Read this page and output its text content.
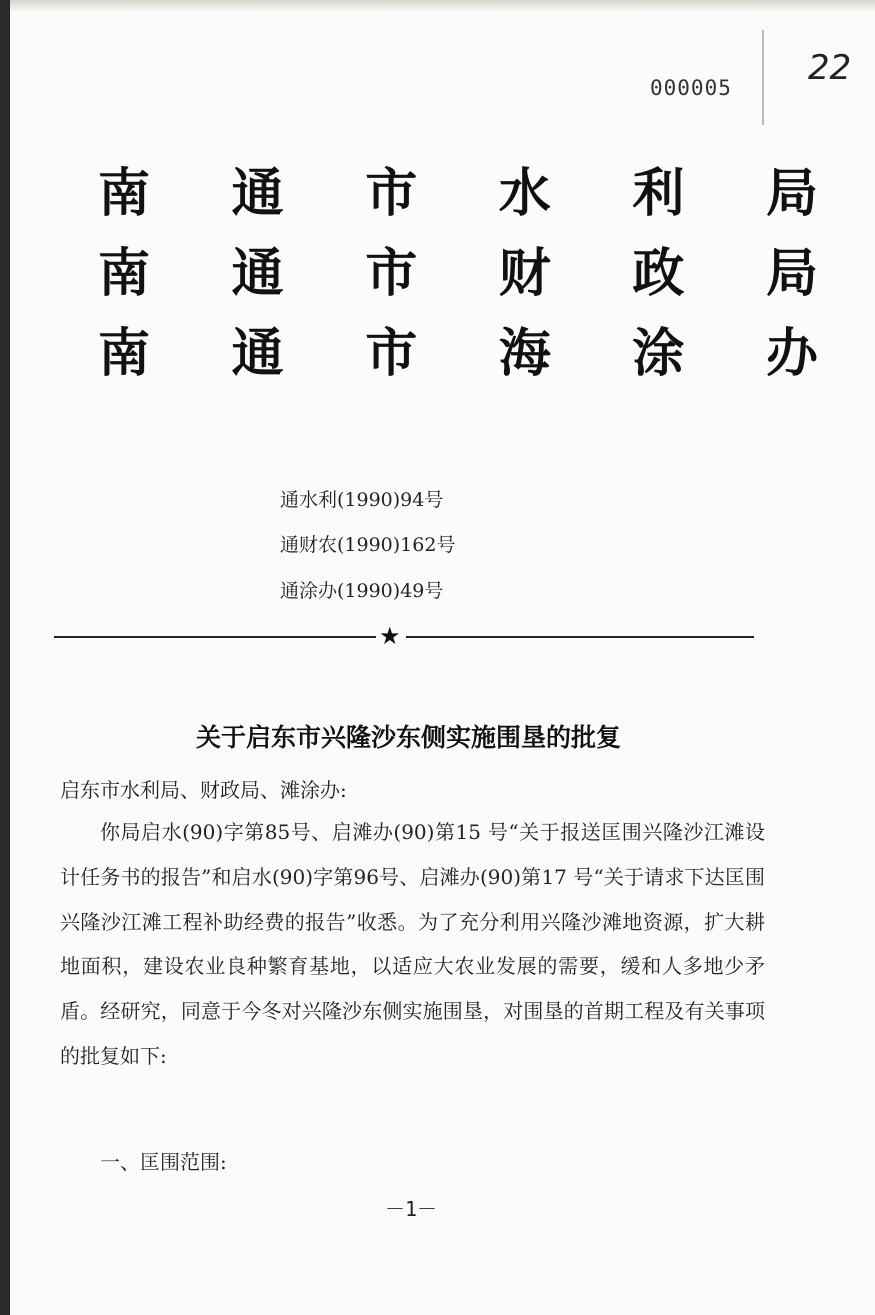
000005 22
南 通 市 水 利 局
南 通 市 财 政 局
南 通 市 海 涂 办
通水利(1990)94号
通财农(1990)162号
通涂办(1990)49号
★
关于启东市兴隆沙东侧实施围垦的批复
启东市水利局、财政局、滩涂办:
你局启水(90)字第85号、启滩办(90)第15 号“关于报送匡围兴隆沙江滩设计任务书的报告”和启水(90)字第96号、启滩办(90)第17 号“关于请求下达匡围兴隆沙江滩工程补助经费的报告”收悉。为了充分利用兴隆沙滩地资源，扩大耕地面积，建设农业良种繁育基地，以适应大农业发展的需要，缓和人多地少矛盾。经研究，同意于今冬对兴隆沙东侧实施围垦，对围垦的首期工程及有关事项的批复如下:
一、匡围范围:
－1－
